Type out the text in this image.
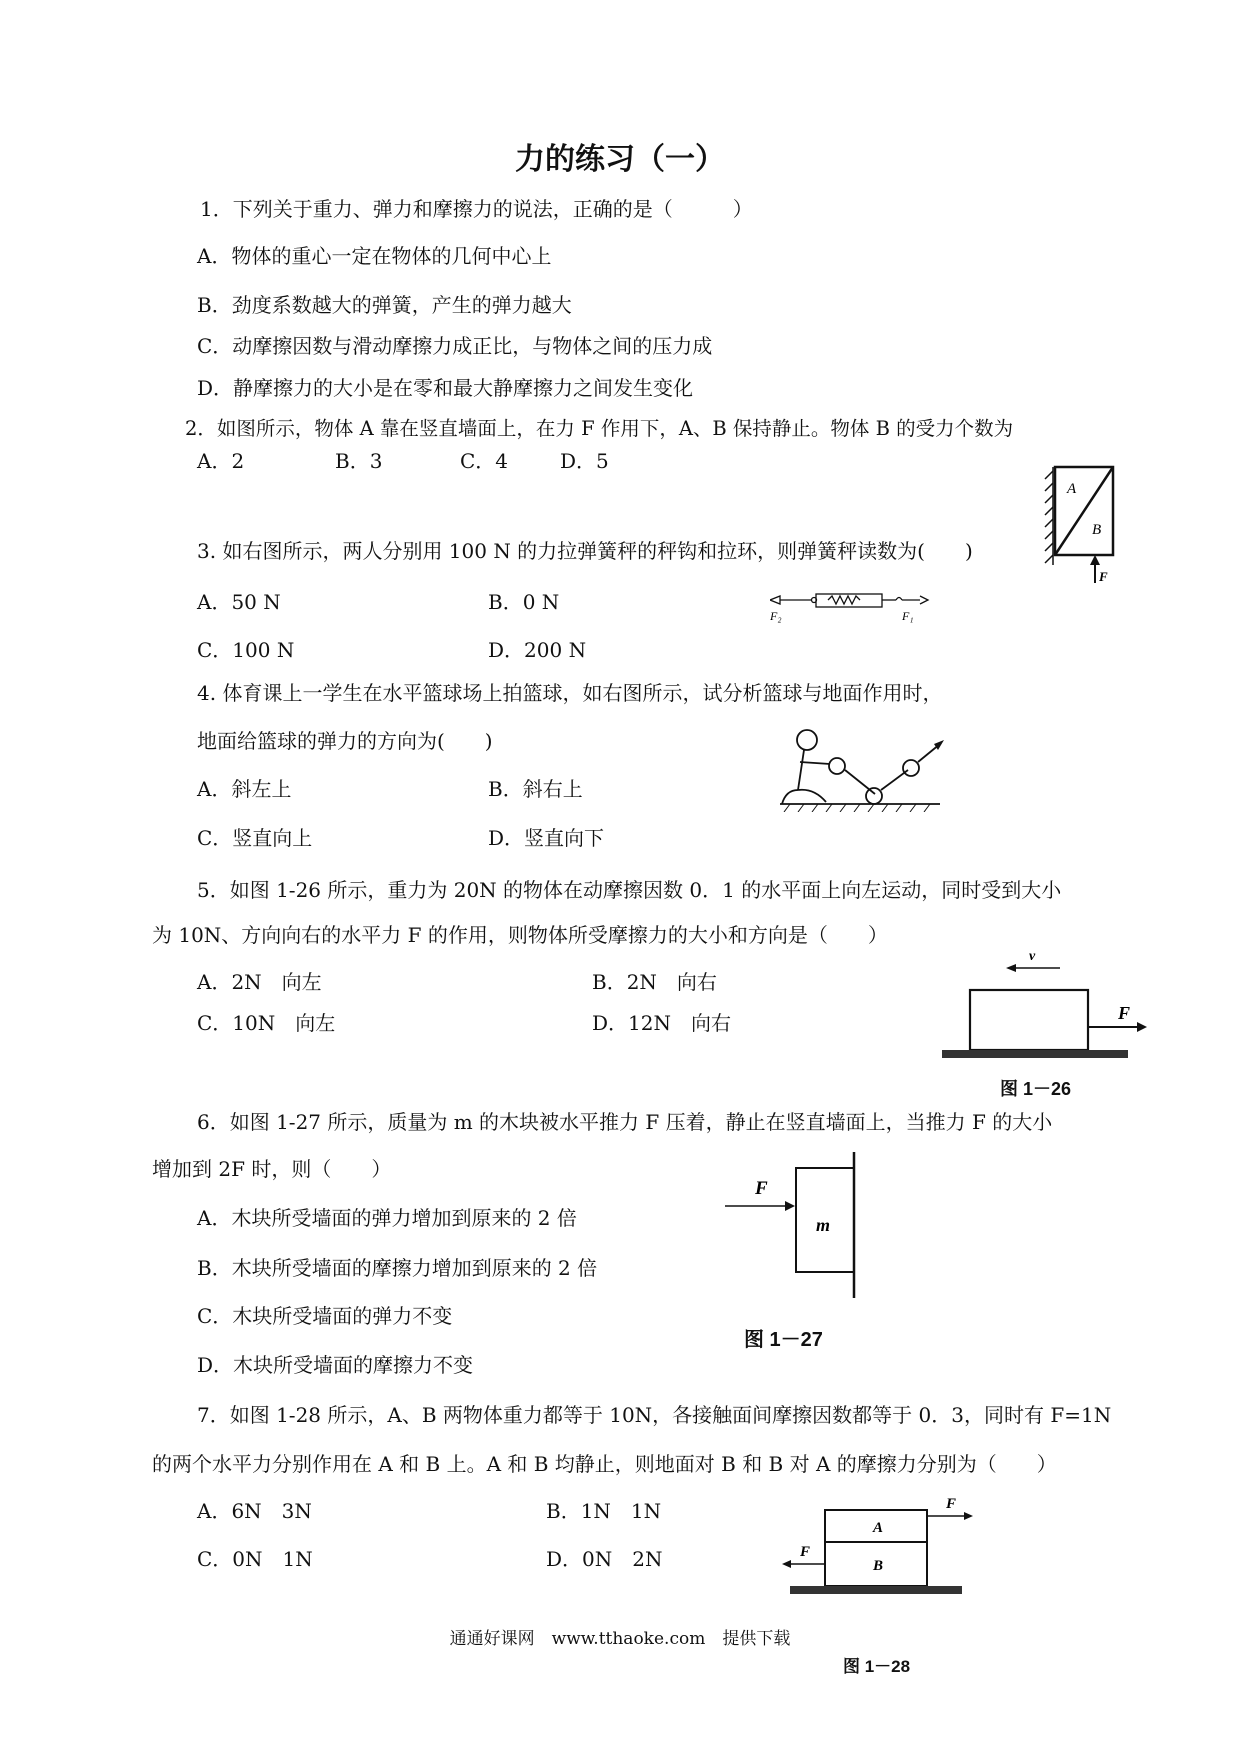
力的练习（一）
1．下列关于重力、弹力和摩擦力的说法，正确的是（　　　）
A．物体的重心一定在物体的几何中心上
B．劲度系数越大的弹簧，产生的弹力越大
C．动摩擦因数与滑动摩擦力成正比，与物体之间的压力成
D．静摩擦力的大小是在零和最大静摩擦力之间发生变化
2．如图所示，物体 A 靠在竖直墙面上，在力 F 作用下，A、B 保持静止。物体 B 的受力个数为
A．2	B．3	C．4	D．5
A
B
F
3. 如右图所示，两人分别用 100 N 的力拉弹簧秤的秤钩和拉环，则弹簧秤读数为(　　)
A．50 N	B．0 N
C．100 N	D．200 N
F₂	F₁
4. 体育课上一学生在水平篮球场上拍篮球，如右图所示，试分析篮球与地面作用时，
地面给篮球的弹力的方向为(　　)
A．斜左上	B．斜右上
C．竖直向上	D．竖直向下
5．如图 1-26 所示，重力为 20N 的物体在动摩擦因数 0．1 的水平面上向左运动，同时受到大小
为 10N、方向向右的水平力 F 的作用，则物体所受摩擦力的大小和方向是（　　）
A．2N　向左	B．2N　向右
C．10N　向左	D．12N　向右
v
F
图 1－26
6．如图 1-27 所示，质量为 m 的木块被水平推力 F 压着，静止在竖直墙面上，当推力 F 的大小
增加到 2F 时，则（　　）
A．木块所受墙面的弹力增加到原来的 2 倍
B．木块所受墙面的摩擦力增加到原来的 2 倍
C．木块所受墙面的弹力不变
D．木块所受墙面的摩擦力不变
F
m
图 1－27
7．如图 1-28 所示，A、B 两物体重力都等于 10N，各接触面间摩擦因数都等于 0．3，同时有 F=1N
的两个水平力分别作用在 A 和 B 上。A 和 B 均静止，则地面对 B 和 B 对 A 的摩擦力分别为（　　）
A．6N　3N	B．1N　1N
C．0N　1N	D．0N　2N
A
B
F
F
图 1－28
通通好课网　www.tthaoke.com　提供下载
